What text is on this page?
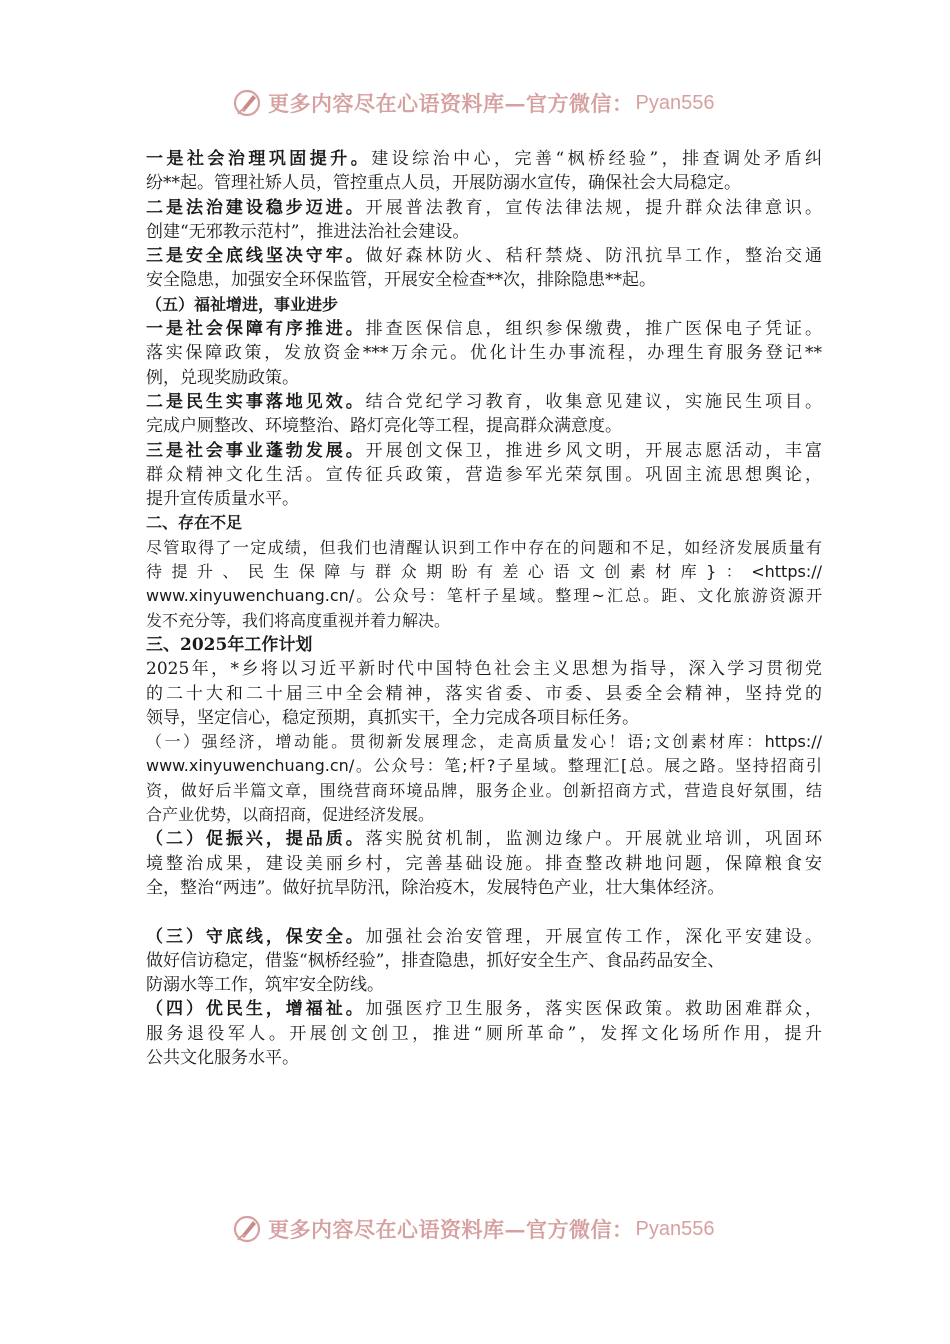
更多内容尽在心语资料库—官方微信： Pyan556
一是社会治理巩固提升。建设综治中心，完善“枫桥经验”，排查调处矛盾纠
纷**起。管理社矫人员，管控重点人员，开展防溺水宣传，确保社会大局稳定。
二是法治建设稳步迈进。开展普法教育，宣传法律法规，提升群众法律意识。
创建“无邪教示范村”，推进法治社会建设。
三是安全底线坚决守牢。做好森林防火、秸秆禁烧、防汛抗旱工作，整治交通
安全隐患，加强安全环保监管，开展安全检查**次，排除隐患**起。
（五）福祉增进，事业进步
一是社会保障有序推进。排查医保信息，组织参保缴费，推广医保电子凭证。
落实保障政策，发放资金***万余元。优化计生办事流程，办理生育服务登记**
例，兑现奖励政策。
二是民生实事落地见效。结合党纪学习教育，收集意见建议，实施民生项目。
完成户厕整改、环境整治、路灯亮化等工程，提高群众满意度。
三是社会事业蓬勃发展。开展创文保卫，推进乡风文明，开展志愿活动，丰富
群众精神文化生活。宣传征兵政策，营造参军光荣氛围。巩固主流思想舆论，
提升宣传质量水平。
二、存在不足
尽管取得了一定成绩，但我们也清醒认识到工作中存在的问题和不足，如经济发展质量有
待提升、民生保障与群众期盼有差心语文创素材库}：<https://
www.xinyuwenchuang.cn/。公众号：笔杆子星域。整理~汇总。距、文化旅游资源开
发不充分等，我们将高度重视并着力解决。
三、2025年工作计划
2025年，*乡将以习近平新时代中国特色社会主义思想为指导，深入学习贯彻党
的二十大和二十届三中全会精神，落实省委、市委、县委全会精神，坚持党的
领导，坚定信心，稳定预期，真抓实干，全力完成各项目标任务。
（一）强经济，增动能。贯彻新发展理念，走高质量发心！语;文创素材库：https://
www.xinyuwenchuang.cn/。公众号：笔;杆?子星域。整理汇[总。展之路。坚持招商引
资，做好后半篇文章，围绕营商环境品牌，服务企业。创新招商方式，营造良好氛围，结
合产业优势，以商招商，促进经济发展。
（二）促振兴，提品质。落实脱贫机制，监测边缘户。开展就业培训，巩固环
境整治成果，建设美丽乡村，完善基础设施。排查整改耕地问题，保障粮食安
全，整治“两违”。做好抗旱防汛，除治疫木，发展特色产业，壮大集体经济。
（三）守底线，保安全。加强社会治安管理，开展宣传工作，深化平安建设。
做好信访稳定，借鉴“枫桥经验”，排查隐患，抓好安全生产、食品药品安全、
防溺水等工作，筑牢安全防线。
（四）优民生，增福祉。加强医疗卫生服务，落实医保政策。救助困难群众，
服务退役军人。开展创文创卫，推进“厕所革命”，发挥文化场所作用，提升
公共文化服务水平。
更多内容尽在心语资料库—官方微信： Pyan556
